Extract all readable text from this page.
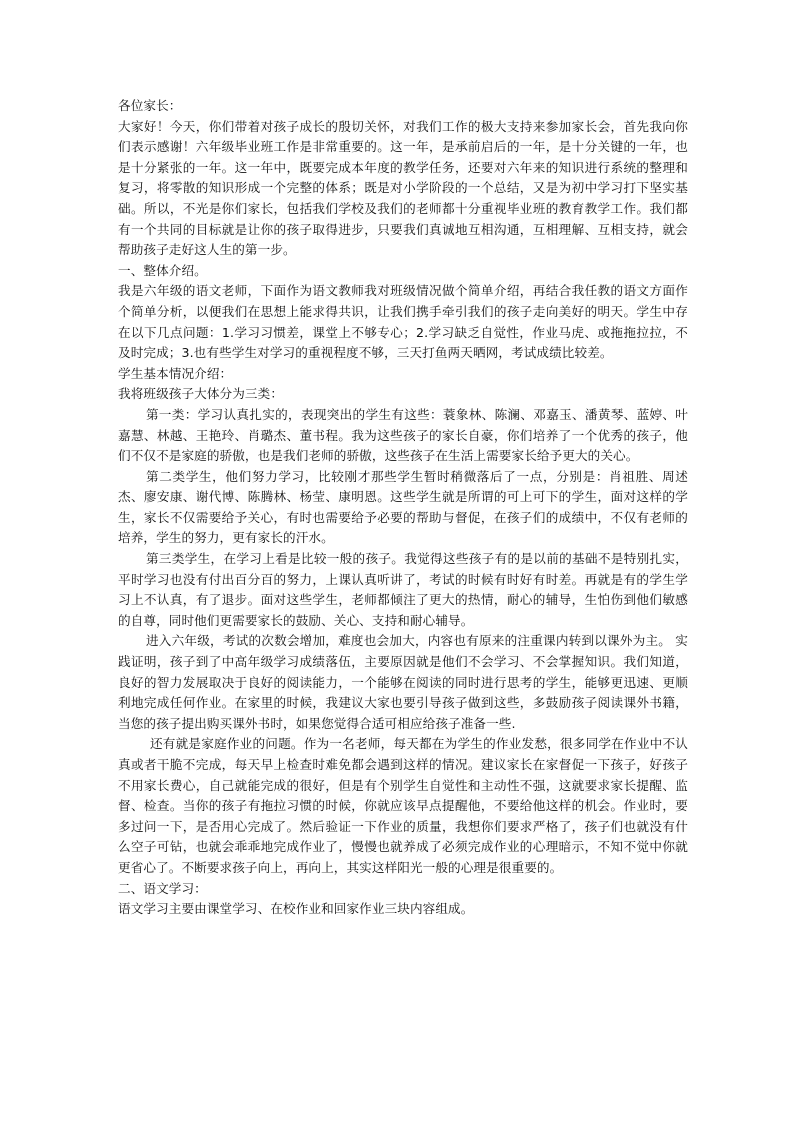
各位家长：

大家好！今天，你们带着对孩子成长的殷切关怀，对我们工作的极大支持来参加家长会，首先我向你们表示感谢！六年级毕业班工作是非常重要的。这一年，是承前启后的一年，是十分关键的一年，也是十分紧张的一年。这一年中，既要完成本年度的教学任务，还要对六年来的知识进行系统的整理和复习，将零散的知识形成一个完整的体系；既是对小学阶段的一个总结，又是为初中学习打下坚实基础。所以，不光是你们家长，包括我们学校及我们的老师都十分重视毕业班的教育教学工作。我们都有一个共同的目标就是让你的孩子取得进步，只要我们真诚地互相沟通，互相理解、互相支持，就会帮助孩子走好这人生的第一步。

一、整体介绍。

我是六年级的语文老师，下面作为语文教师我对班级情况做个简单介绍，再结合我任教的语文方面作个简单分析，以便我们在思想上能求得共识，让我们携手牵引我们的孩子走向美好的明天。学生中存在以下几点问题：1.学习习惯差，课堂上不够专心；2.学习缺乏自觉性，作业马虎、或拖拖拉拉，不及时完成；3.也有些学生对学习的重视程度不够，三天打鱼两天晒网，考试成绩比较差。

学生基本情况介绍：

我将班级孩子大体分为三类：

第一类：学习认真扎实的，表现突出的学生有这些：蓑象林、陈澜、邓嘉玉、潘黄琴、蓝婷、叶嘉慧、林越、王艳玲、肖璐杰、董书程。我为这些孩子的家长自豪，你们培养了一个优秀的孩子，他们不仅不是家庭的骄傲，也是我们老师的骄傲，这些孩子在生活上需要家长给予更大的关心。

第二类学生，他们努力学习，比较刚才那些学生暂时稍微落后了一点，分别是：肖祖胜、周述杰、廖安康、谢代博、陈腾林、杨莹、康明恩。这些学生就是所谓的可上可下的学生，面对这样的学生，家长不仅需要给予关心，有时也需要给予必要的帮助与督促，在孩子们的成绩中，不仅有老师的培养，学生的努力，更有家长的汗水。

第三类学生，在学习上看是比较一般的孩子。我觉得这些孩子有的是以前的基础不是特别扎实，平时学习也没有付出百分百的努力，上课认真听讲了，考试的时候有时好有时差。再就是有的学生学习上不认真，有了退步。面对这些学生，老师都倾注了更大的热情，耐心的辅导，生怕伤到他们敏感的自尊，同时他们更需要家长的鼓励、关心、支持和耐心辅导。

进入六年级，考试的次数会增加，难度也会加大，内容也有原来的注重课内转到以课外为主。 实践证明，孩子到了中高年级学习成绩落伍，主要原因就是他们不会学习、不会掌握知识。我们知道，良好的智力发展取决于良好的阅读能力，一个能够在阅读的同时进行思考的学生，能够更迅速、更顺利地完成任何作业。在家里的时候，我建议大家也要引导孩子做到这些，多鼓励孩子阅读课外书籍，当您的孩子提出购买课外书时，如果您觉得合适可相应给孩子准备一些.

还有就是家庭作业的问题。作为一名老师，每天都在为学生的作业发愁，很多同学在作业中不认真或者干脆不完成，每天早上检查时难免都会遇到这样的情况。建议家长在家督促一下孩子，好孩子不用家长费心，自己就能完成的很好，但是有个别学生自觉性和主动性不强，这就要求家长提醒、监督、检查。当你的孩子有拖拉习惯的时候，你就应该早点提醒他，不要给他这样的机会。作业时，要多过问一下，是否用心完成了。然后验证一下作业的质量，我想你们要求严格了，孩子们也就没有什么空子可钻，也就会乖乖地完成作业了，慢慢也就养成了必须完成作业的心理暗示，不知不觉中你就更省心了。不断要求孩子向上，再向上，其实这样阳光一般的心理是很重要的。

二、语文学习：

语文学习主要由课堂学习、在校作业和回家作业三块内容组成。
